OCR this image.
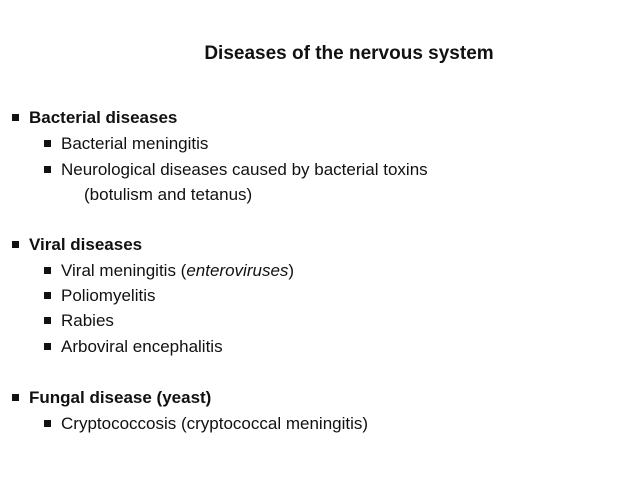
Diseases of the nervous system
Bacterial diseases
Bacterial meningitis
Neurological diseases caused by bacterial toxins
(botulism and tetanus)
Viral diseases
Viral meningitis (enteroviruses)
Poliomyelitis
Rabies
Arboviral encephalitis
Fungal disease (yeast)
Cryptococcosis (cryptococcal meningitis)
